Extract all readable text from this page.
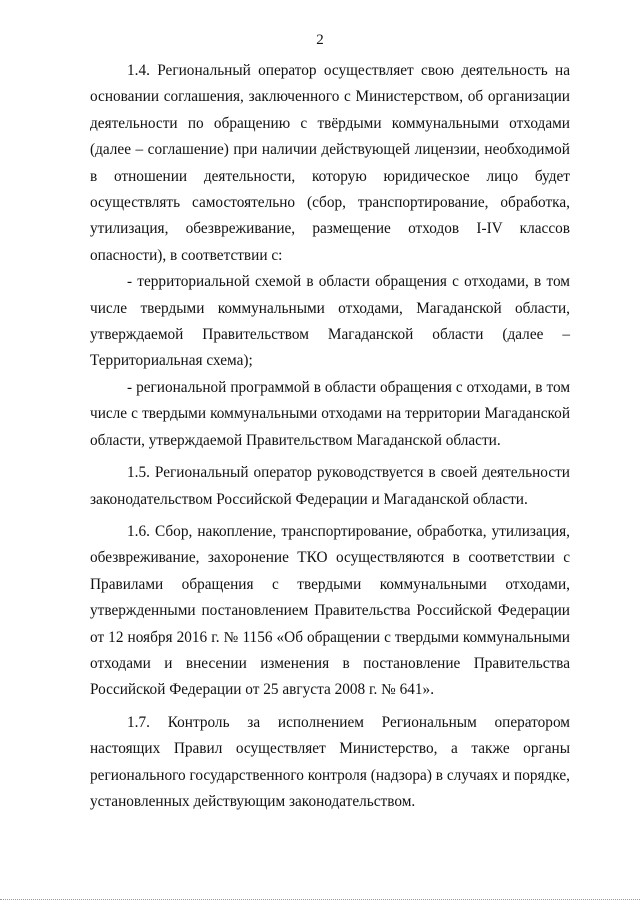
2

1.4. Региональный оператор осуществляет свою деятельность на основании соглашения, заключенного с Министерством, об организации деятельности по обращению с твёрдыми коммунальными отходами (далее – соглашение) при наличии действующей лицензии, необходимой в отношении деятельности, которую юридическое лицо будет осуществлять самостоятельно (сбор, транспортирование, обработка, утилизация, обезвреживание, размещение отходов I-IV классов опасности), в соответствии с:

- территориальной схемой в области обращения с отходами, в том числе твердыми коммунальными отходами, Магаданской области, утверждаемой Правительством Магаданской области (далее – Территориальная схема);

- региональной программой в области обращения с отходами, в том числе с твердыми коммунальными отходами на территории Магаданской области, утверждаемой Правительством Магаданской области.

1.5. Региональный оператор руководствуется в своей деятельности законодательством Российской Федерации и Магаданской области.

1.6. Сбор, накопление, транспортирование, обработка, утилизация, обезвреживание, захоронение ТКО осуществляются в соответствии с Правилами обращения с твердыми коммунальными отходами, утвержденными постановлением Правительства Российской Федерации от 12 ноября 2016 г. № 1156 «Об обращении с твердыми коммунальными отходами и внесении изменения в постановление Правительства Российской Федерации от 25 августа 2008 г. № 641».

1.7. Контроль за исполнением Региональным оператором настоящих Правил осуществляет Министерство, а также органы регионального государственного контроля (надзора) в случаях и порядке, установленных действующим законодательством.
